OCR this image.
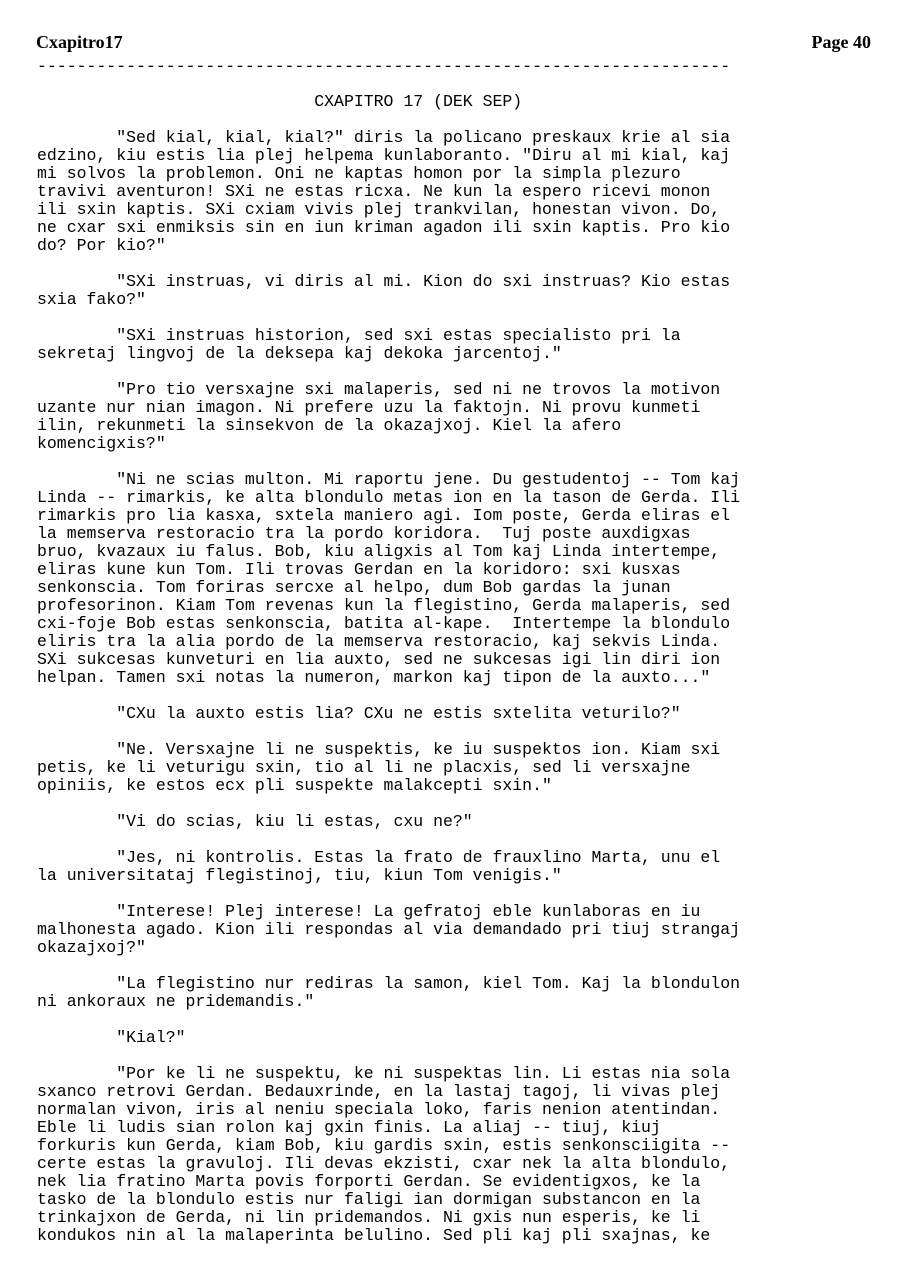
Cxapitro17	Page 40
----------------------------------------------------------------------
CXAPITRO 17 (DEK SEP)

"Sed kial, kial, kial?" diris la policano preskaux krie al sia
edzino, kiu estis lia plej helpema kunlaboranto. "Diru al mi kial, kaj
mi solvos la problemon. Oni ne kaptas homon por la simpla plezuro
travivi aventuron! SXi ne estas ricxa. Ne kun la espero ricevi monon
ili sxin kaptis. SXi cxiam vivis plej trankvilan, honestan vivon. Do,
ne cxar sxi enmiksis sin en iun kriman agadon ili sxin kaptis. Pro kio
do? Por kio?"

"SXi instruas, vi diris al mi. Kion do sxi instruas? Kio estas
sxia fako?"

"SXi instruas historion, sed sxi estas specialisto pri la
sekretaj lingvoj de la deksepa kaj dekoka jarcentoj."

"Pro tio versxajne sxi malaperis, sed ni ne trovos la motivon
uzante nur nian imagon. Ni prefere uzu la faktojn. Ni provu kunmeti
ilin, rekunmeti la sinsekvon de la okazajxoj. Kiel la afero
komencigxis?"

"Ni ne scias multon. Mi raportu jene. Du gestudentoj -- Tom kaj
Linda -- rimarkis, ke alta blondulo metas ion en la tason de Gerda. Ili
rimarkis pro lia kasxa, sxtela maniero agi. Iom poste, Gerda eliras el
la memserva restoracio tra la pordo koridora.  Tuj poste auxdigxas
bruo, kvazaux iu falus. Bob, kiu aligxis al Tom kaj Linda intertempe,
eliras kune kun Tom. Ili trovas Gerdan en la koridoro: sxi kusxas
senkonscia. Tom foriras sercxe al helpo, dum Bob gardas la junan
profesorinon. Kiam Tom revenas kun la flegistino, Gerda malaperis, sed
cxi-foje Bob estas senkonscia, batita al-kape.  Intertempe la blondulo
eliris tra la alia pordo de la memserva restoracio, kaj sekvis Linda.
SXi sukcesas kunveturi en lia auxto, sed ne sukcesas igi lin diri ion
helpan. Tamen sxi notas la numeron, markon kaj tipon de la auxto..."

"CXu la auxto estis lia? CXu ne estis sxtelita veturilo?"

"Ne. Versxajne li ne suspektis, ke iu suspektos ion. Kiam sxi
petis, ke li veturigu sxin, tio al li ne placxis, sed li versxajne
opiniis, ke estos ecx pli suspekte malakcepti sxin."

"Vi do scias, kiu li estas, cxu ne?"

"Jes, ni kontrolis. Estas la frato de frauxlino Marta, unu el
la universitataj flegistinoj, tiu, kiun Tom venigis."

"Interese! Plej interese! La gefratoj eble kunlaboras en iu
malhonesta agado. Kion ili respondas al via demandado pri tiuj strangaj
okazajxoj?"

"La flegistino nur rediras la samon, kiel Tom. Kaj la blondulon
ni ankoraux ne pridemandis."

"Kial?"

"Por ke li ne suspektu, ke ni suspektas lin. Li estas nia sola
sxanco retrovi Gerdan. Bedauxrinde, en la lastaj tagoj, li vivas plej
normalan vivon, iris al neniu speciala loko, faris nenion atentindan.
Eble li ludis sian rolon kaj gxin finis. La aliaj -- tiuj, kiuj
forkuris kun Gerda, kiam Bob, kiu gardis sxin, estis senkonsciigita --
certe estas la gravuloj. Ili devas ekzisti, cxar nek la alta blondulo,
nek lia fratino Marta povis forporti Gerdan. Se evidentigxos, ke la
tasko de la blondulo estis nur faligi ian dormigan substancon en la
trinkajxon de Gerda, ni lin pridemandos. Ni gxis nun esperis, ke li
kondukos nin al la malaperinta belulino. Sed pli kaj pli sxajnas, ke
